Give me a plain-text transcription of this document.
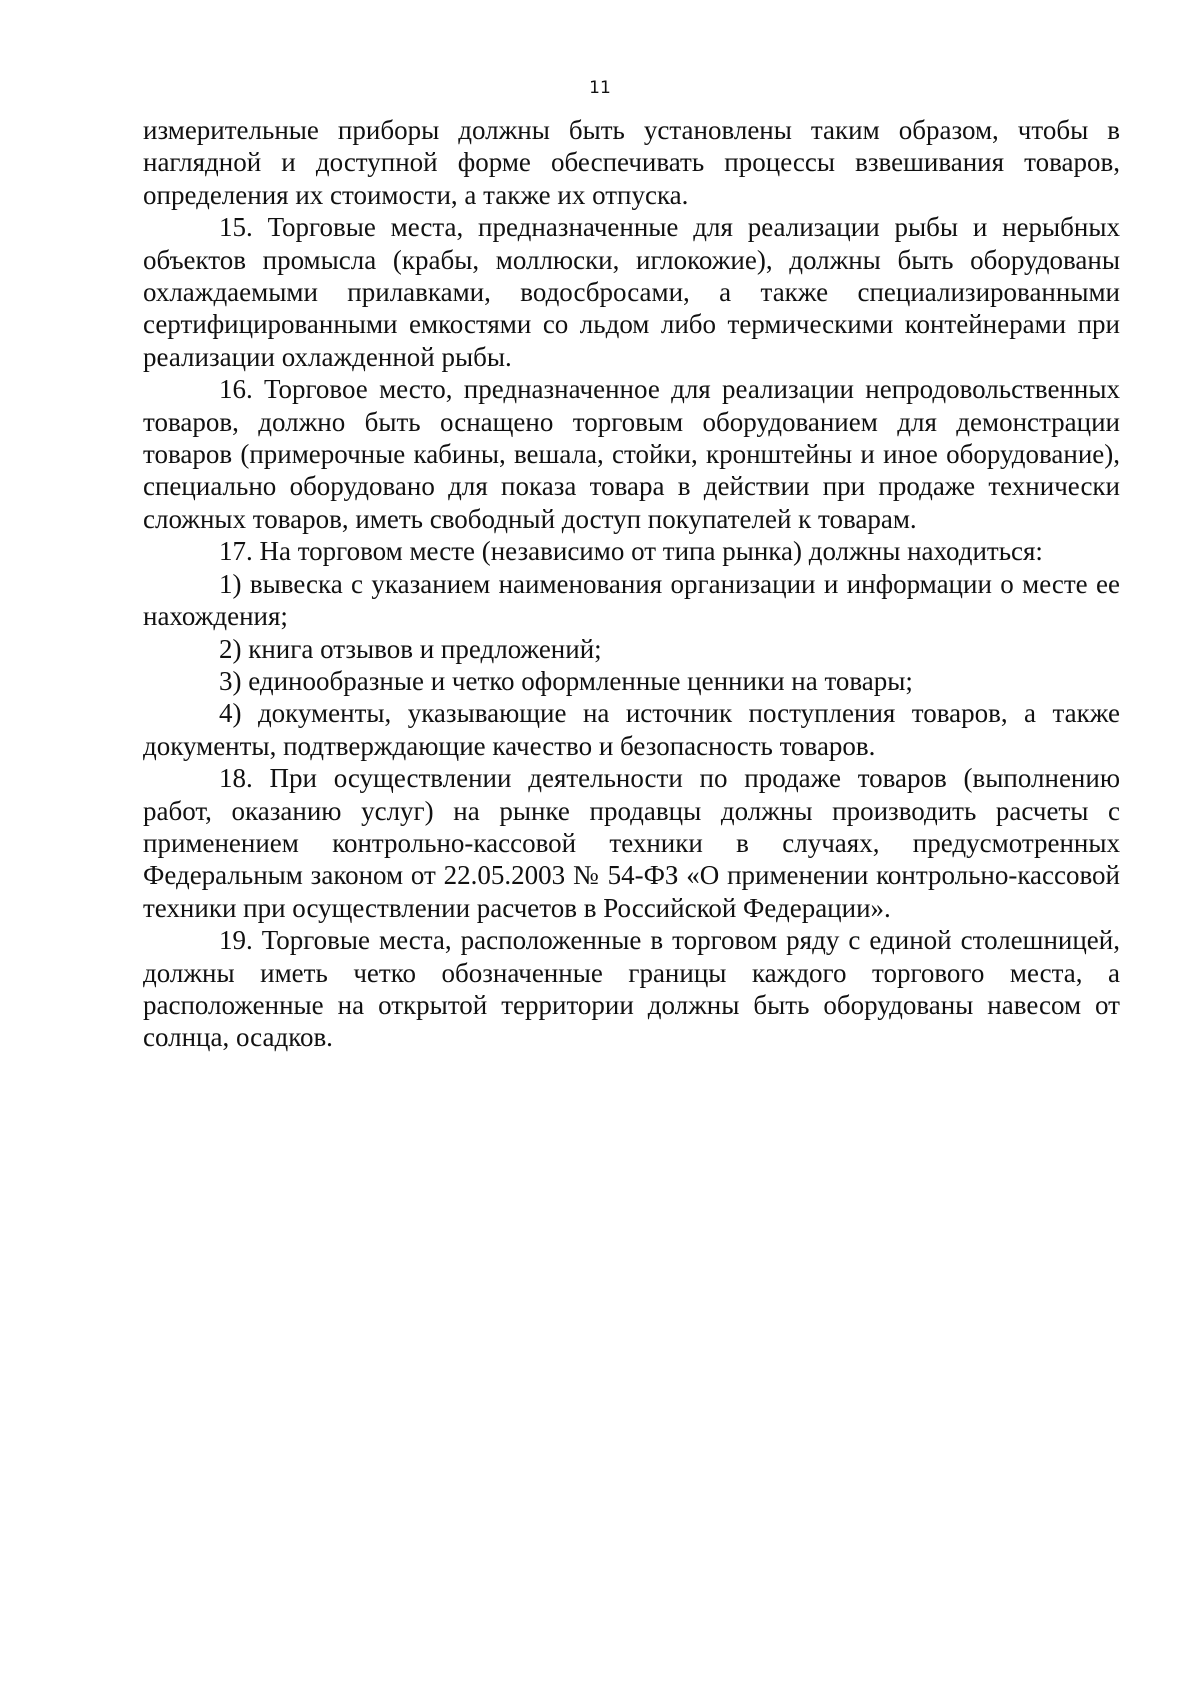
11

измерительные приборы должны быть установлены таким образом, чтобы в наглядной и доступной форме обеспечивать процессы взвешивания товаров, определения их стоимости, а также их отпуска.

15. Торговые места, предназначенные для реализации рыбы и нерыбных объектов промысла (крабы, моллюски, иглокожие), должны быть оборудованы охлаждаемыми прилавками, водосбросами, а также специализированными сертифицированными емкостями со льдом либо термическими контейнерами при реализации охлажденной рыбы.

16. Торговое место, предназначенное для реализации непродовольственных товаров, должно быть оснащено торговым оборудованием для демонстрации товаров (примерочные кабины, вешала, стойки, кронштейны и иное оборудование), специально оборудовано для показа товара в действии при продаже технически сложных товаров, иметь свободный доступ покупателей к товарам.

17. На торговом месте (независимо от типа рынка) должны находиться:

1) вывеска с указанием наименования организации и информации о месте ее нахождения;

2) книга отзывов и предложений;

3) единообразные и четко оформленные ценники на товары;

4) документы, указывающие на источник поступления товаров, а также документы, подтверждающие качество и безопасность товаров.

18. При осуществлении деятельности по продаже товаров (выполнению работ, оказанию услуг) на рынке продавцы должны производить расчеты с применением контрольно-кассовой техники в случаях, предусмотренных Федеральным законом от 22.05.2003 № 54-ФЗ «О применении контрольно-кассовой техники при осуществлении расчетов в Российской Федерации».

19. Торговые места, расположенные в торговом ряду с единой столешницей, должны иметь четко обозначенные границы каждого торгового места, а расположенные на открытой территории должны быть оборудованы навесом от солнца, осадков.
